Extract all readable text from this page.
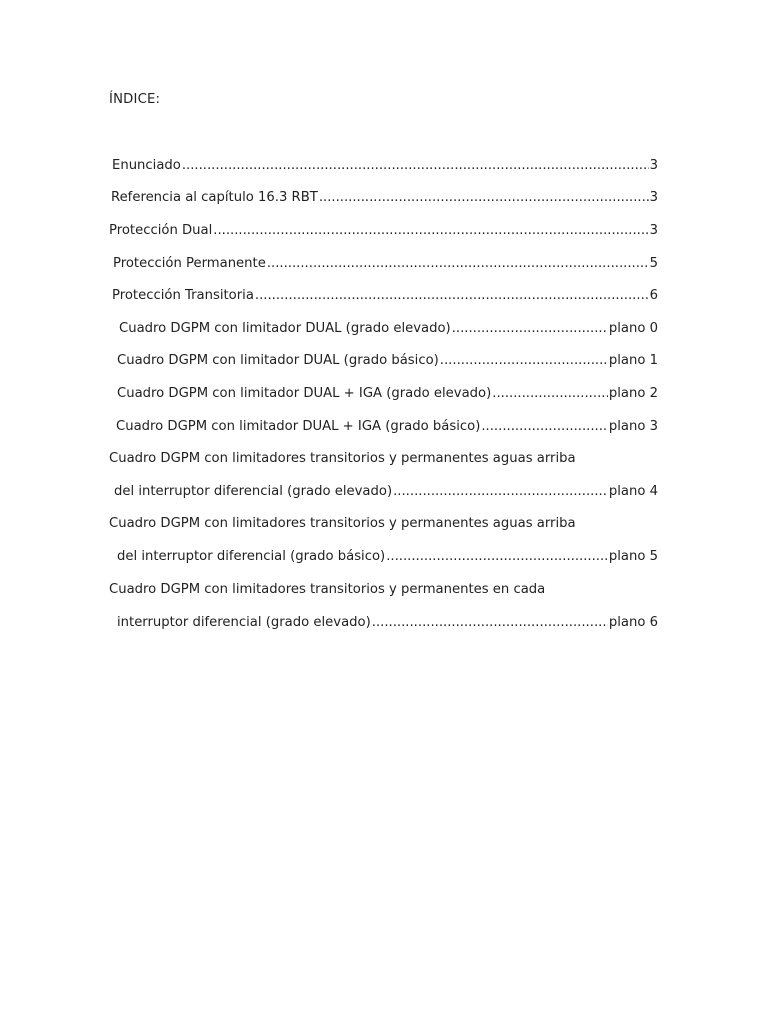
ÍNDICE:
Enunciado .....	3
Referencia al capítulo 16.3 RBT .....	3
Protección Dual .....	3
Protección Permanente .....	5
Protección Transitoria .....	6
Cuadro DGPM con limitador DUAL (grado elevado) .....	plano 0
Cuadro DGPM con limitador DUAL (grado básico) .....	plano 1
Cuadro DGPM con limitador DUAL + IGA (grado elevado) .....	plano 2
Cuadro DGPM con limitador DUAL + IGA (grado básico) .....	plano 3
Cuadro DGPM con limitadores transitorios y permanentes aguas arriba
del interruptor diferencial (grado elevado) .....	plano 4
Cuadro DGPM con limitadores transitorios y permanentes aguas arriba
del interruptor diferencial (grado básico) .....	plano 5
Cuadro DGPM con limitadores transitorios y permanentes en cada
interruptor diferencial (grado elevado) .....	plano 6
